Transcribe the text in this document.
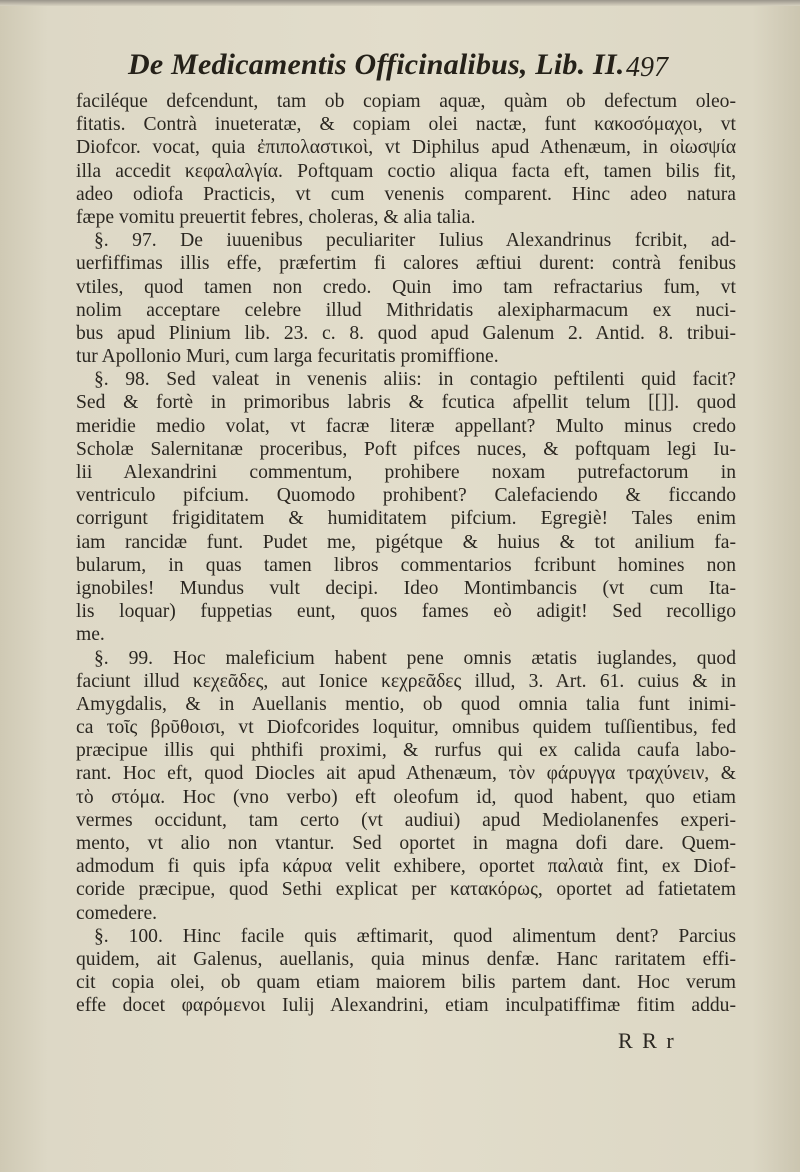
De Medicamentis Officinalibus, Lib. II. 497
faciléque defcendunt, tam ob copiam aquæ, quàm ob defectum oleo-
fitatis. Contrà inueteratæ, & copiam olei nactæ, funt κακοσόμαχοι, vt
Diofcor. vocat, quia ἐπιπολαστικοὶ, vt Diphilus apud Athenæum, in οἰωσψία
illa accedit κεφαλαλγία. Poftquam coctio aliqua facta eft, tamen bilis fit,
adeo odiofa Practicis, vt cum venenis comparent. Hinc adeo natura
fæpe vomitu preuertit febres, choleras, & alia talia.
§. 97. De iuuenibus peculiariter Iulius Alexandrinus fcribit, ad-
uerfiffimas illis effe, præfertim fi calores æftiui durent: contrà fenibus
vtiles, quod tamen non credo. Quin imo tam refractarius fum, vt
nolim acceptare celebre illud Mithridatis alexipharmacum ex nuci-
bus apud Plinium lib. 23. c. 8. quod apud Galenum 2. Antid. 8. tribui-
tur Apollonio Muri, cum larga fecuritatis promiffione.
§. 98. Sed valeat in venenis aliis: in contagio peftilenti quid facit?
Sed & fortè in primoribus labris & fcutica afpellit telum [[]]. quod
meridie medio volat, vt facræ literæ appellant? Multo minus credo
Scholæ Salernitanæ proceribus, Poft pifces nuces, & poftquam legi Iu-
lii Alexandrini commentum, prohibere noxam putrefactorum in
ventriculo pifcium. Quomodo prohibent? Calefaciendo & ficcando
corrigunt frigiditatem & humiditatem pifcium. Egregiè! Tales enim
iam rancidæ funt. Pudet me, pigétque & huius & tot anilium fa-
bularum, in quas tamen libros commentarios fcribunt homines non
ignobiles! Mundus vult decipi. Ideo Montimbancis (vt cum Ita-
lis loquar) fuppetias eunt, quos fames eò adigit! Sed recolligo
me.
§. 99. Hoc maleficium habent pene omnis ætatis iuglandes, quod
faciunt illud κεχεᾶδες, aut Ionice κεχρεᾶδες illud, 3. Art. 61. cuius & in
Amygdalis, & in Auellanis mentio, ob quod omnia talia funt inimi-
ca τοῖς βρῦθοισι, vt Diofcorides loquitur, omnibus quidem tuſſientibus, fed
præcipue illis qui phthifi proximi, & rurfus qui ex calida caufa labo-
rant. Hoc eft, quod Diocles ait apud Athenæum, τὸν φάρυγγα τραχύνειν, &
τὸ στόμα. Hoc (vno verbo) eft oleofum id, quod habent, quo etiam
vermes occidunt, tam certo (vt audiui) apud Mediolanenfes experi-
mento, vt alio non vtantur. Sed oportet in magna dofi dare. Quem-
admodum fi quis ipfa κάρυα velit exhibere, oportet παλαιὰ fint, ex Diof-
coride præcipue, quod Sethi explicat per κατακόρως, oportet ad fatietatem
comedere.
§. 100. Hinc facile quis æftimarit, quod alimentum dent? Parcius
quidem, ait Galenus, auellanis, quia minus denfæ. Hanc raritatem effi-
cit copia olei, ob quam etiam maiorem bilis partem dant. Hoc verum
effe docet φαρόμενοι Iulij Alexandrini, etiam inculpatiffimæ fitim addu-
R R r
